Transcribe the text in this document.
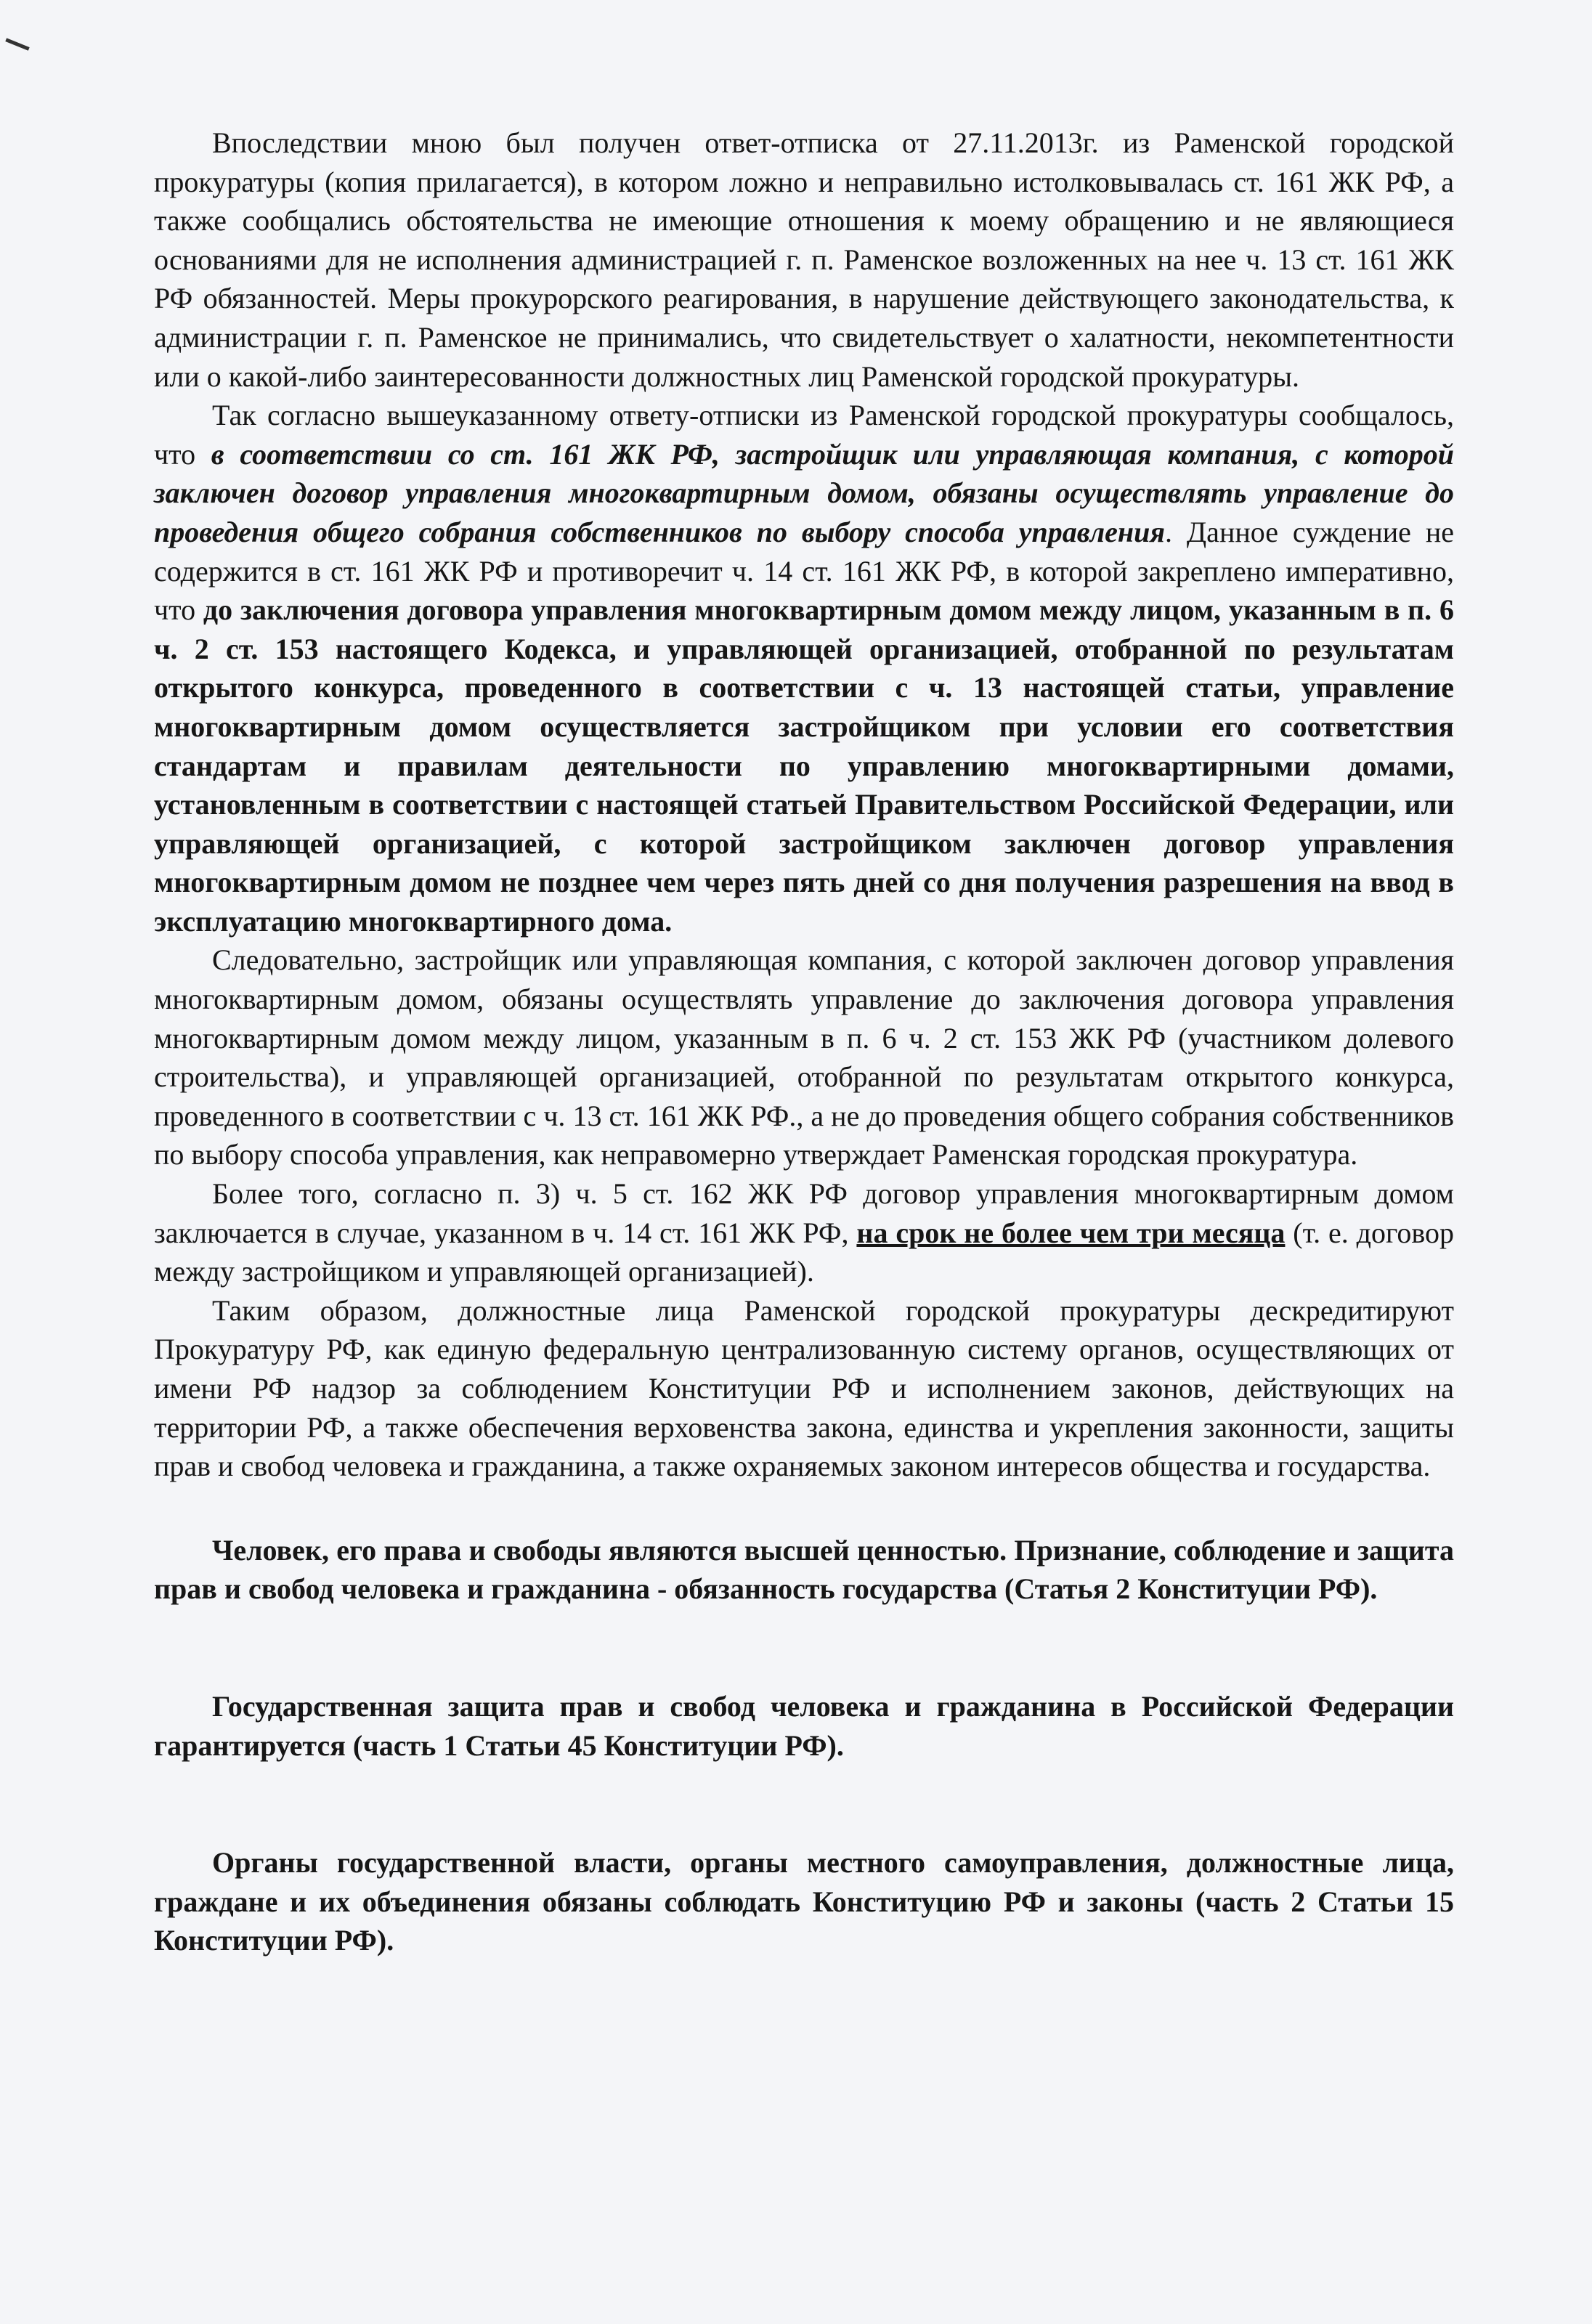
Впоследствии мною был получен ответ-отписка от 27.11.2013г. из Раменской городской прокуратуры (копия прилагается), в котором ложно и неправильно истолковывалась ст. 161 ЖК РФ, а также сообщались обстоятельства не имеющие отношения к моему обращению и не являющиеся основаниями для не исполнения администрацией г. п. Раменское возложенных на нее ч. 13 ст. 161 ЖК РФ обязанностей. Меры прокурорского реагирования, в нарушение действующего законодательства, к администрации г. п. Раменское не принимались, что свидетельствует о халатности, некомпетентности или о какой-либо заинтересованности должностных лиц Раменской городской прокуратуры.

Так согласно вышеуказанному ответу-отписки из Раменской городской прокуратуры сообщалось, что в соответствии со ст. 161 ЖК РФ, застройщик или управляющая компания, с которой заключен договор управления многоквартирным домом, обязаны осуществлять управление до проведения общего собрания собственников по выбору способа управления. Данное суждение не содержится в ст. 161 ЖК РФ и противоречит ч. 14 ст. 161 ЖК РФ, в которой закреплено императивно, что до заключения договора управления многоквартирным домом между лицом, указанным в п. 6 ч. 2 ст. 153 настоящего Кодекса, и управляющей организацией, отобранной по результатам открытого конкурса, проведенного в соответствии с ч. 13 настоящей статьи, управление многоквартирным домом осуществляется застройщиком при условии его соответствия стандартам и правилам деятельности по управлению многоквартирными домами, установленным в соответствии с настоящей статьей Правительством Российской Федерации, или управляющей организацией, с которой застройщиком заключен договор управления многоквартирным домом не позднее чем через пять дней со дня получения разрешения на ввод в эксплуатацию многоквартирного дома.

Следовательно, застройщик или управляющая компания, с которой заключен договор управления многоквартирным домом, обязаны осуществлять управление до заключения договора управления многоквартирным домом между лицом, указанным в п. 6 ч. 2 ст. 153 ЖК РФ (участником долевого строительства), и управляющей организацией, отобранной по результатам открытого конкурса, проведенного в соответствии с ч. 13 ст. 161 ЖК РФ., а не до проведения общего собрания собственников по выбору способа управления, как неправомерно утверждает Раменская городская прокуратура.

Более того, согласно п. 3) ч. 5 ст. 162 ЖК РФ договор управления многоквартирным домом заключается в случае, указанном в ч. 14 ст. 161 ЖК РФ, на срок не более чем три месяца (т. е. договор между застройщиком и управляющей организацией).

Таким образом, должностные лица Раменской городской прокуратуры дескредитируют Прокуратуру РФ, как единую федеральную централизованную систему органов, осуществляющих от имени РФ надзор за соблюдением Конституции РФ и исполнением законов, действующих на территории РФ, а также обеспечения верховенства закона, единства и укрепления законности, защиты прав и свобод человека и гражданина, а также охраняемых законом интересов общества и государства.

Человек, его права и свободы являются высшей ценностью. Признание, соблюдение и защита прав и свобод человека и гражданина - обязанность государства (Статья 2 Конституции РФ).

Государственная защита прав и свобод человека и гражданина в Российской Федерации гарантируется (часть 1 Статьи 45 Конституции РФ).

Органы государственной власти, органы местного самоуправления, должностные лица, граждане и их объединения обязаны соблюдать Конституцию РФ и законы (часть 2 Статьи 15 Конституции РФ).
